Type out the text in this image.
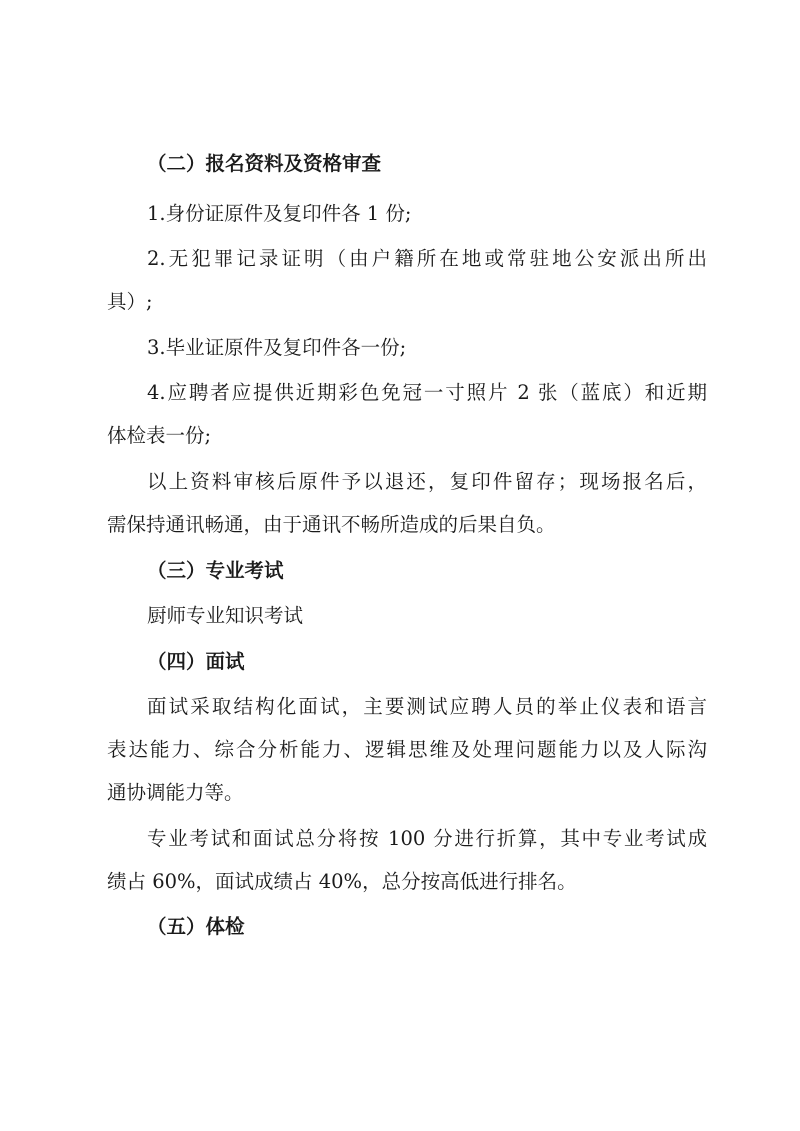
（二）报名资料及资格审查
1.身份证原件及复印件各 1 份;
2.无犯罪记录证明（由户籍所在地或常驻地公安派出所出
具）;
3.毕业证原件及复印件各一份;
4.应聘者应提供近期彩色免冠一寸照片 2 张（蓝底）和近期
体检表一份;
以上资料审核后原件予以退还，复印件留存；现场报名后，
需保持通讯畅通，由于通讯不畅所造成的后果自负。
（三）专业考试
厨师专业知识考试
（四）面试
面试采取结构化面试，主要测试应聘人员的举止仪表和语言
表达能力、综合分析能力、逻辑思维及处理问题能力以及人际沟
通协调能力等。
专业考试和面试总分将按 100 分进行折算，其中专业考试成
绩占 60%，面试成绩占 40%，总分按高低进行排名。
（五）体检
